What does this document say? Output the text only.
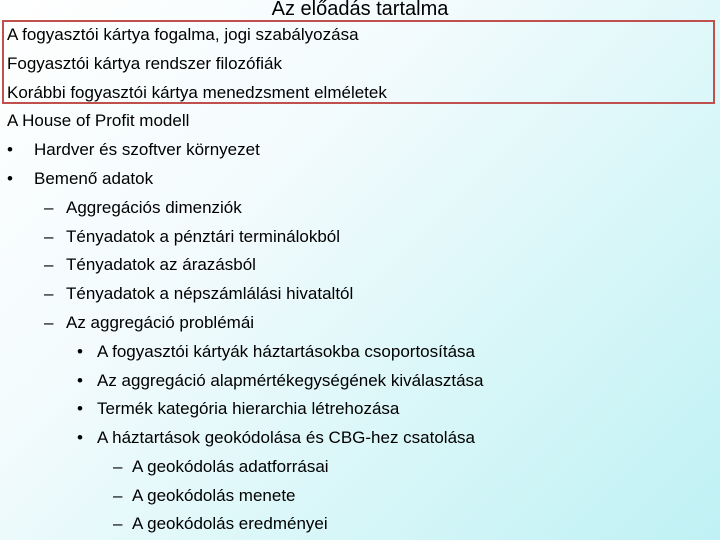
Az előadás tartalma
A fogyasztói kártya fogalma, jogi szabályozása
Fogyasztói kártya rendszer filozófiák
Korábbi fogyasztói kártya menedzsment elméletek
A House of Profit modell
• Hardver és szoftver környezet
• Bemenő adatok
– Aggregációs dimenziók
– Tényadatok a pénztári terminálokból
– Tényadatok az árazásból
– Tényadatok a népszámlálási hivataltól
– Az aggregáció problémái
• A fogyasztói kártyák háztartásokba csoportosítása
• Az aggregáció alapmértékegységének kiválasztása
• Termék kategória hierarchia létrehozása
• A háztartások geokódolása és CBG-hez csatolása
– A geokódolás adatforrásai
– A geokódolás menete
– A geokódolás eredményei
